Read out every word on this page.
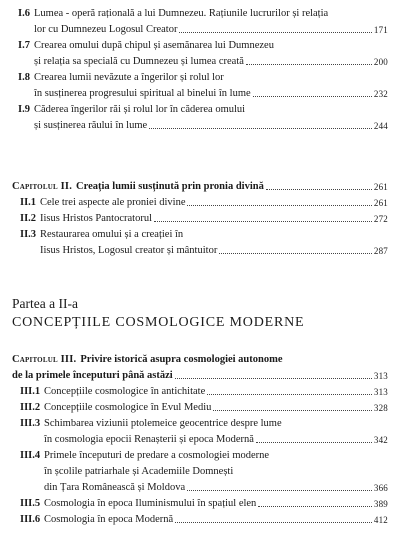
I.6 Lumea - operă rațională a lui Dumnezeu. Rațiunile lucrurilor și relația
lor cu Dumnezeu Logosul Creator	171
I.7 Crearea omului după chipul și asemănarea lui Dumnezeu
și relația sa specială cu Dumnezeu și lumea creată	200
I.8 Crearea lumii nevăzute a îngerilor și rolul lor
în susținerea progresului spiritual al binelui în lume	232
I.9 Căderea îngerilor răi și rolul lor în căderea omului
și susținerea răului în lume	244
Capitolul II. Creația lumii susținută prin pronia divină	261
II.1 Cele trei aspecte ale proniei divine	261
II.2 Iisus Hristos Pantocratorul	272
II.3 Restaurarea omului și a creației în
Iisus Hristos, Logosul creator și mântuitor	287
Partea a II-a
CONCEPȚIILE COSMOLOGICE MODERNE
Capitolul III. Privire istorică asupra cosmologiei autonome
de la primele începuturi până astăzi	313
III.1 Concepțiile cosmologice în antichitate	313
III.2 Concepțiile cosmologice în Evul Mediu	328
III.3 Schimbarea viziunii ptolemeice geocentrice despre lume
în cosmologia epocii Renașterii și epoca Modernă	342
III.4 Primele începuturi de predare a cosmologiei moderne
în școlile patriarhale și Academiile Domnești
din Țara Românească și Moldova	366
III.5 Cosmologia în epoca Iluminismului în spațiul elen	389
III.6 Cosmologia în epoca Modernă	412
